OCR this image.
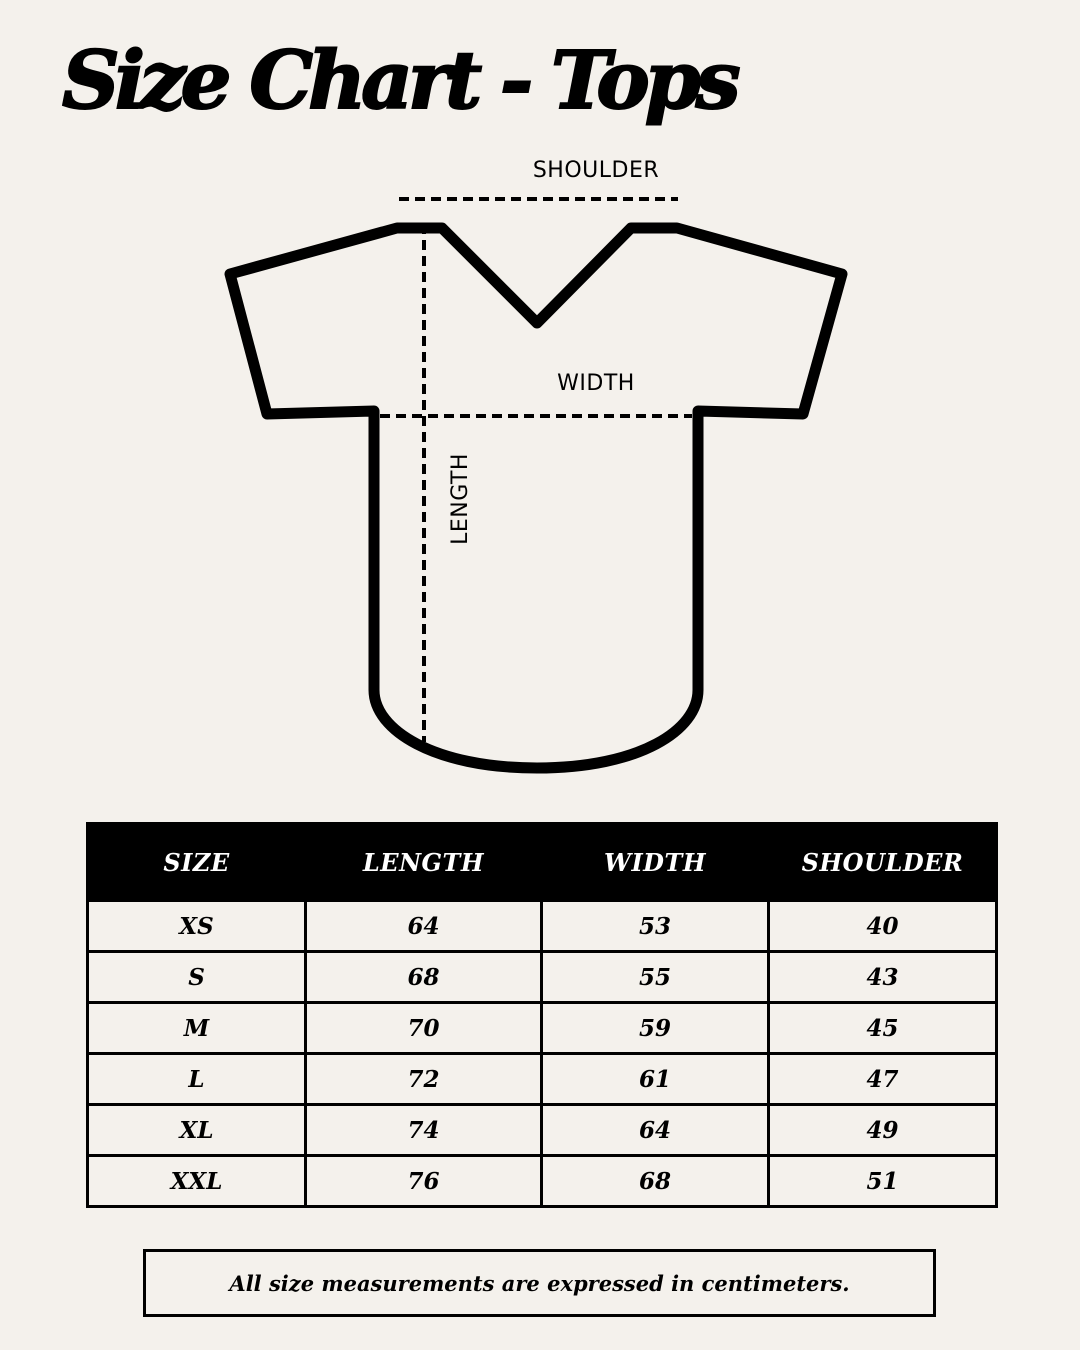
Size Chart - Tops
SHOULDER
WIDTH
LENGTH
SIZE	LENGTH	WIDTH	SHOULDER
XS	64	53	40
S	68	55	43
M	70	59	45
L	72	61	47
XL	74	64	49
XXL	76	68	51
All size measurements are expressed in centimeters.
